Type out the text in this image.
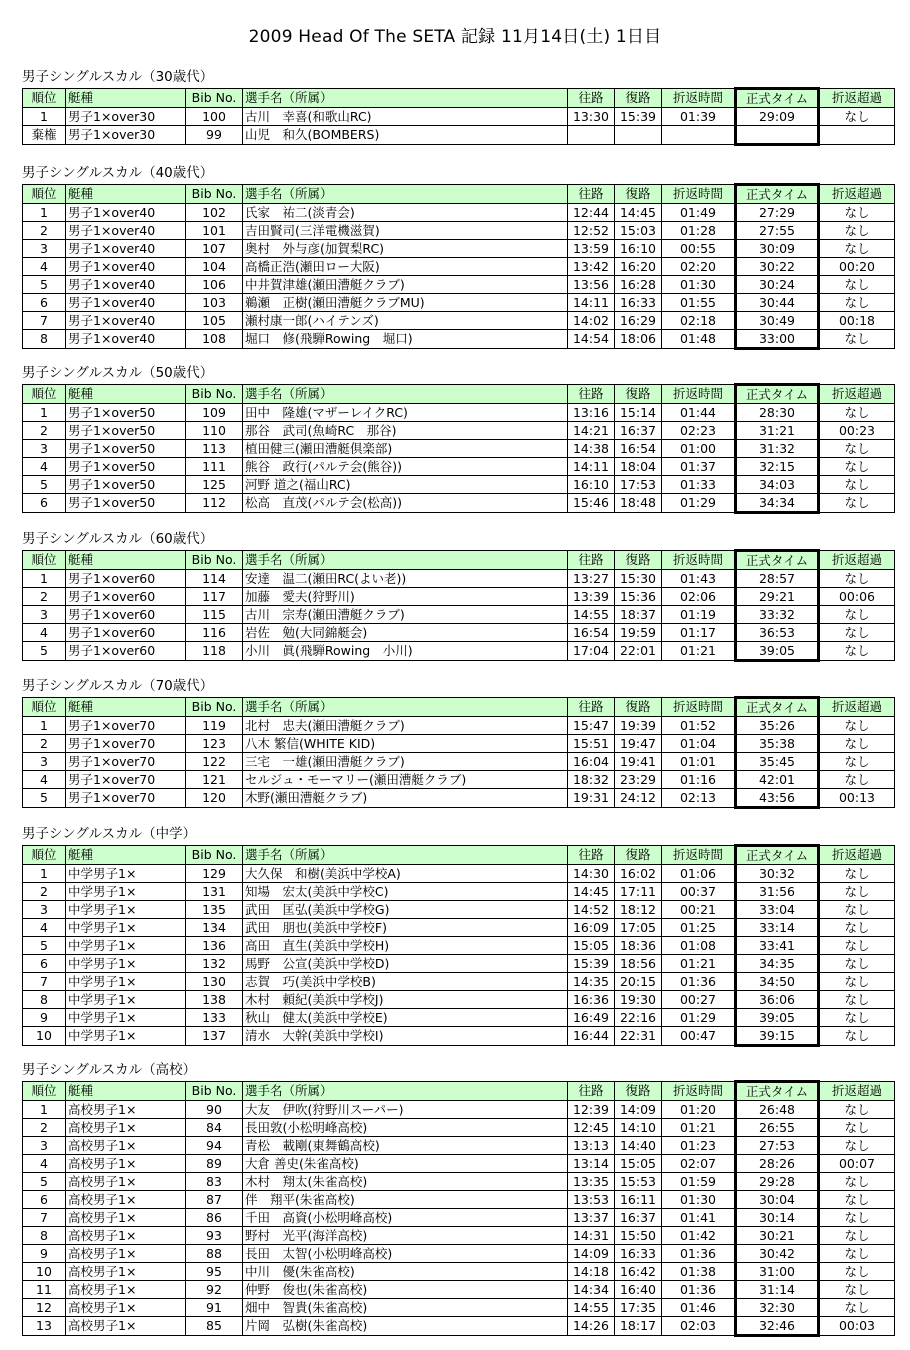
2009 Head Of The SETA 記録 11月14日(土) 1日目
男子シングルスカル（30歳代）
順位	艇種	Bib No.	選手名（所属）	往路	復路	折返時間	正式タイム	折返超過
1	男子1×over30	100	古川　幸喜(和歌山RC)	13:30	15:39	01:39	29:09	なし
棄権	男子1×over30	99	山児　和久(BOMBERS)					
男子シングルスカル（40歳代）
順位	艇種	Bib No.	選手名（所属）	往路	復路	折返時間	正式タイム	折返超過
1	男子1×over40	102	氏家　祐二(淡青会)	12:44	14:45	01:49	27:29	なし
2	男子1×over40	101	吉田賢司(三洋電機滋賀)	12:52	15:03	01:28	27:55	なし
3	男子1×over40	107	奥村　外与彦(加賀梨RC)	13:59	16:10	00:55	30:09	なし
4	男子1×over40	104	高橋正浩(瀬田ロー大阪)	13:42	16:20	02:20	30:22	00:20
5	男子1×over40	106	中井賀津雄(瀬田漕艇クラブ)	13:56	16:28	01:30	30:24	なし
6	男子1×over40	103	鵜瀬　正樹(瀬田漕艇クラブMU)	14:11	16:33	01:55	30:44	なし
7	男子1×over40	105	瀬村康一郎(ハイテンズ)	14:02	16:29	02:18	30:49	00:18
8	男子1×over40	108	堀口　修(飛騨Rowing　堀口)	14:54	18:06	01:48	33:00	なし
男子シングルスカル（50歳代）
順位	艇種	Bib No.	選手名（所属）	往路	復路	折返時間	正式タイム	折返超過
1	男子1×over50	109	田中　隆雄(マザーレイクRC)	13:16	15:14	01:44	28:30	なし
2	男子1×over50	110	那谷　武司(魚崎RC　那谷)	14:21	16:37	02:23	31:21	00:23
3	男子1×over50	113	植田健三(瀬田漕艇倶楽部)	14:38	16:54	01:00	31:32	なし
4	男子1×over50	111	熊谷　政行(パルテ会(熊谷))	14:11	18:04	01:37	32:15	なし
5	男子1×over50	125	河野 道之(福山RC)	16:10	17:53	01:33	34:03	なし
6	男子1×over50	112	松高　直茂(パルテ会(松高))	15:46	18:48	01:29	34:34	なし
男子シングルスカル（60歳代）
順位	艇種	Bib No.	選手名（所属）	往路	復路	折返時間	正式タイム	折返超過
1	男子1×over60	114	安達　温二(瀬田RC(よい老))	13:27	15:30	01:43	28:57	なし
2	男子1×over60	117	加藤　愛夫(狩野川)	13:39	15:36	02:06	29:21	00:06
3	男子1×over60	115	古川　宗寿(瀬田漕艇クラブ)	14:55	18:37	01:19	33:32	なし
4	男子1×over60	116	岩佐　勉(大同錦艇会)	16:54	19:59	01:17	36:53	なし
5	男子1×over60	118	小川　眞(飛騨Rowing　小川)	17:04	22:01	01:21	39:05	なし
男子シングルスカル（70歳代）
順位	艇種	Bib No.	選手名（所属）	往路	復路	折返時間	正式タイム	折返超過
1	男子1×over70	119	北村　忠夫(瀬田漕艇クラブ)	15:47	19:39	01:52	35:26	なし
2	男子1×over70	123	八木 繁信(WHITE KID)	15:51	19:47	01:04	35:38	なし
3	男子1×over70	122	三宅　一雄(瀬田漕艇クラブ)	16:04	19:41	01:01	35:45	なし
4	男子1×over70	121	セルジュ・モーマリー(瀬田漕艇クラブ)	18:32	23:29	01:16	42:01	なし
5	男子1×over70	120	木野(瀬田漕艇クラブ)	19:31	24:12	02:13	43:56	00:13
男子シングルスカル（中学）
順位	艇種	Bib No.	選手名（所属）	往路	復路	折返時間	正式タイム	折返超過
1	中学男子1×	129	大久保　和樹(美浜中学校A)	14:30	16:02	01:06	30:32	なし
2	中学男子1×	131	知場　宏太(美浜中学校C)	14:45	17:11	00:37	31:56	なし
3	中学男子1×	135	武田　匡弘(美浜中学校G)	14:52	18:12	00:21	33:04	なし
4	中学男子1×	134	武田　朋也(美浜中学校F)	16:09	17:05	01:25	33:14	なし
5	中学男子1×	136	高田　直生(美浜中学校H)	15:05	18:36	01:08	33:41	なし
6	中学男子1×	132	馬野　公宣(美浜中学校D)	15:39	18:56	01:21	34:35	なし
7	中学男子1×	130	志賀　巧(美浜中学校B)	14:35	20:15	01:36	34:50	なし
8	中学男子1×	138	木村　頼紀(美浜中学校J)	16:36	19:30	00:27	36:06	なし
9	中学男子1×	133	秋山　健太(美浜中学校E)	16:49	22:16	01:29	39:05	なし
10	中学男子1×	137	清水　大幹(美浜中学校I)	16:44	22:31	00:47	39:15	なし
男子シングルスカル（高校）
順位	艇種	Bib No.	選手名（所属）	往路	復路	折返時間	正式タイム	折返超過
1	高校男子1×	90	大友　伊吹(狩野川スーパー)	12:39	14:09	01:20	26:48	なし
2	高校男子1×	84	長田敦(小松明峰高校)	12:45	14:10	01:21	26:55	なし
3	高校男子1×	94	青松　載剛(東舞鶴高校)	13:13	14:40	01:23	27:53	なし
4	高校男子1×	89	大倉 善史(朱雀高校)	13:14	15:05	02:07	28:26	00:07
5	高校男子1×	83	木村　翔太(朱雀高校)	13:35	15:53	01:59	29:28	なし
6	高校男子1×	87	伴　翔平(朱雀高校)	13:53	16:11	01:30	30:04	なし
7	高校男子1×	86	千田　高資(小松明峰高校)	13:37	16:37	01:41	30:14	なし
8	高校男子1×	93	野村　光平(海洋高校)	14:31	15:50	01:42	30:21	なし
9	高校男子1×	88	長田　太智(小松明峰高校)	14:09	16:33	01:36	30:42	なし
10	高校男子1×	95	中川　優(朱雀高校)	14:18	16:42	01:38	31:00	なし
11	高校男子1×	92	仲野　俊也(朱雀高校)	14:34	16:40	01:36	31:14	なし
12	高校男子1×	91	畑中　智貴(朱雀高校)	14:55	17:35	01:46	32:30	なし
13	高校男子1×	85	片岡　弘樹(朱雀高校)	14:26	18:17	02:03	32:46	00:03
